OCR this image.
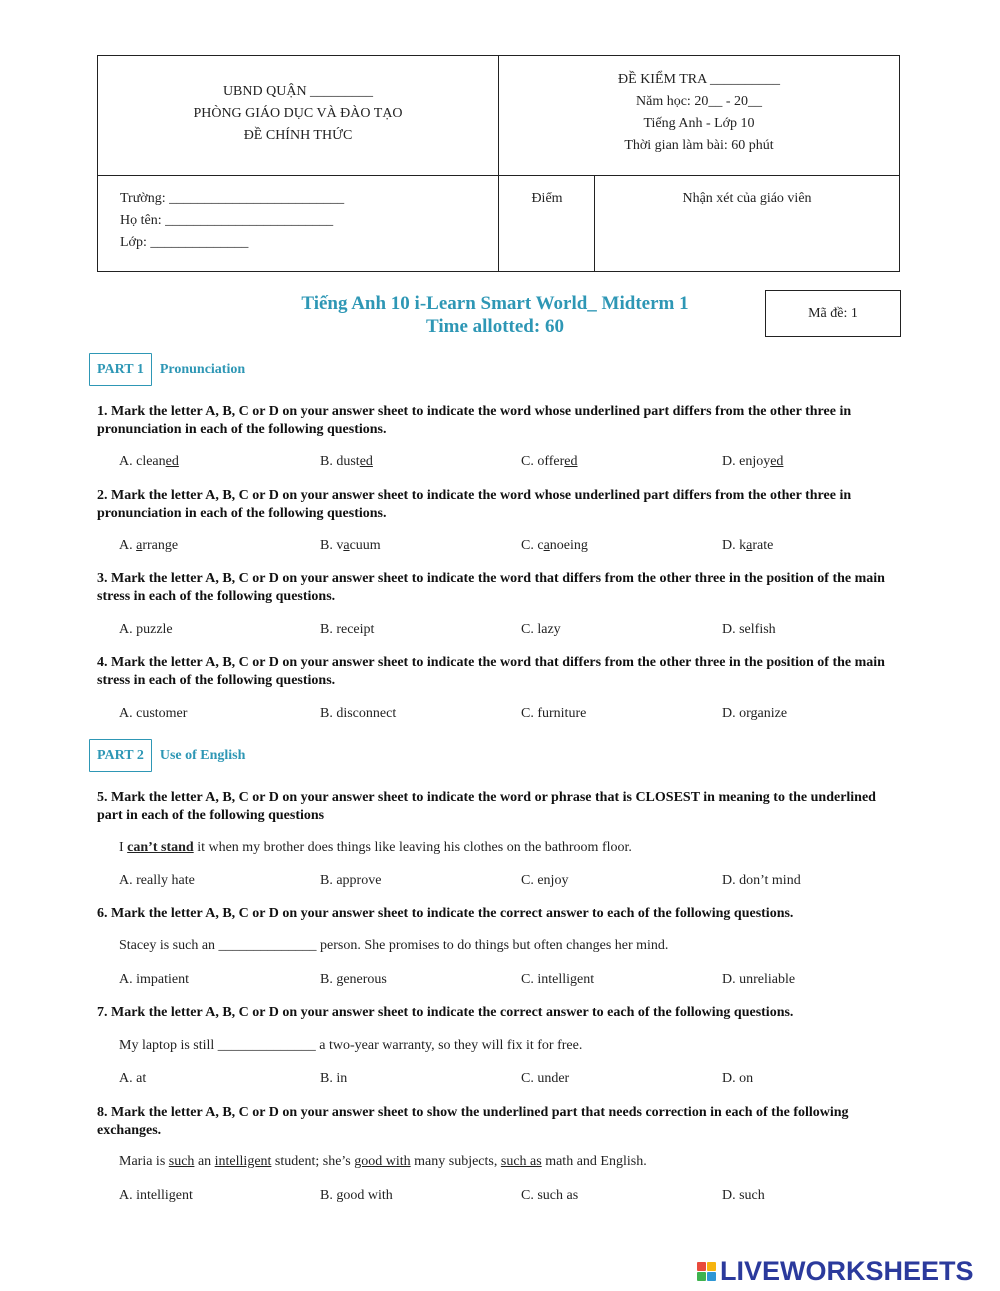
UBND QUẬN _________
PHÒNG GIÁO DỤC VÀ ĐÀO TẠO
ĐỀ CHÍNH THỨC
ĐỀ KIỂM TRA __________
Năm học: 20__ - 20__
Tiếng Anh - Lớp 10
Thời gian làm bài: 60 phút
Trường: _________________________
Họ tên: ________________________
Lớp: ______________
Điểm	Nhận xét của giáo viên
Tiếng Anh 10 i-Learn Smart World_ Midterm 1
Time allotted: 60
Mã đề: 1
PART 1	Pronunciation
1. Mark the letter A, B, C or D on your answer sheet to indicate the word whose underlined part differs from the other three in pronunciation in each of the following questions.
A. cleaned	B. dusted	C. offered	D. enjoyed
2. Mark the letter A, B, C or D on your answer sheet to indicate the word whose underlined part differs from the other three in pronunciation in each of the following questions.
A. arrange	B. vacuum	C. canoeing	D. karate
3. Mark the letter A, B, C or D on your answer sheet to indicate the word that differs from the other three in the position of the main stress in each of the following questions.
A. puzzle	B. receipt	C. lazy	D. selfish
4. Mark the letter A, B, C or D on your answer sheet to indicate the word that differs from the other three in the position of the main stress in each of the following questions.
A. customer	B. disconnect	C. furniture	D. organize
PART 2	Use of English
5. Mark the letter A, B, C or D on your answer sheet to indicate the word or phrase that is CLOSEST in meaning to the underlined part in each of the following questions
I can’t stand it when my brother does things like leaving his clothes on the bathroom floor.
A. really hate	B. approve	C. enjoy	D. don’t mind
6. Mark the letter A, B, C or D on your answer sheet to indicate the correct answer to each of the following questions.
Stacey is such an ______________ person. She promises to do things but often changes her mind.
A. impatient	B. generous	C. intelligent	D. unreliable
7. Mark the letter A, B, C or D on your answer sheet to indicate the correct answer to each of the following questions.
My laptop is still ______________ a two-year warranty, so they will fix it for free.
A. at	B. in	C. under	D. on
8. Mark the letter A, B, C or D on your answer sheet to show the underlined part that needs correction in each of the following exchanges.
Maria is such an intelligent student; she’s good with many subjects, such as math and English.
A. intelligent	B. good with	C. such as	D. such
LIVEWORKSHEETS
